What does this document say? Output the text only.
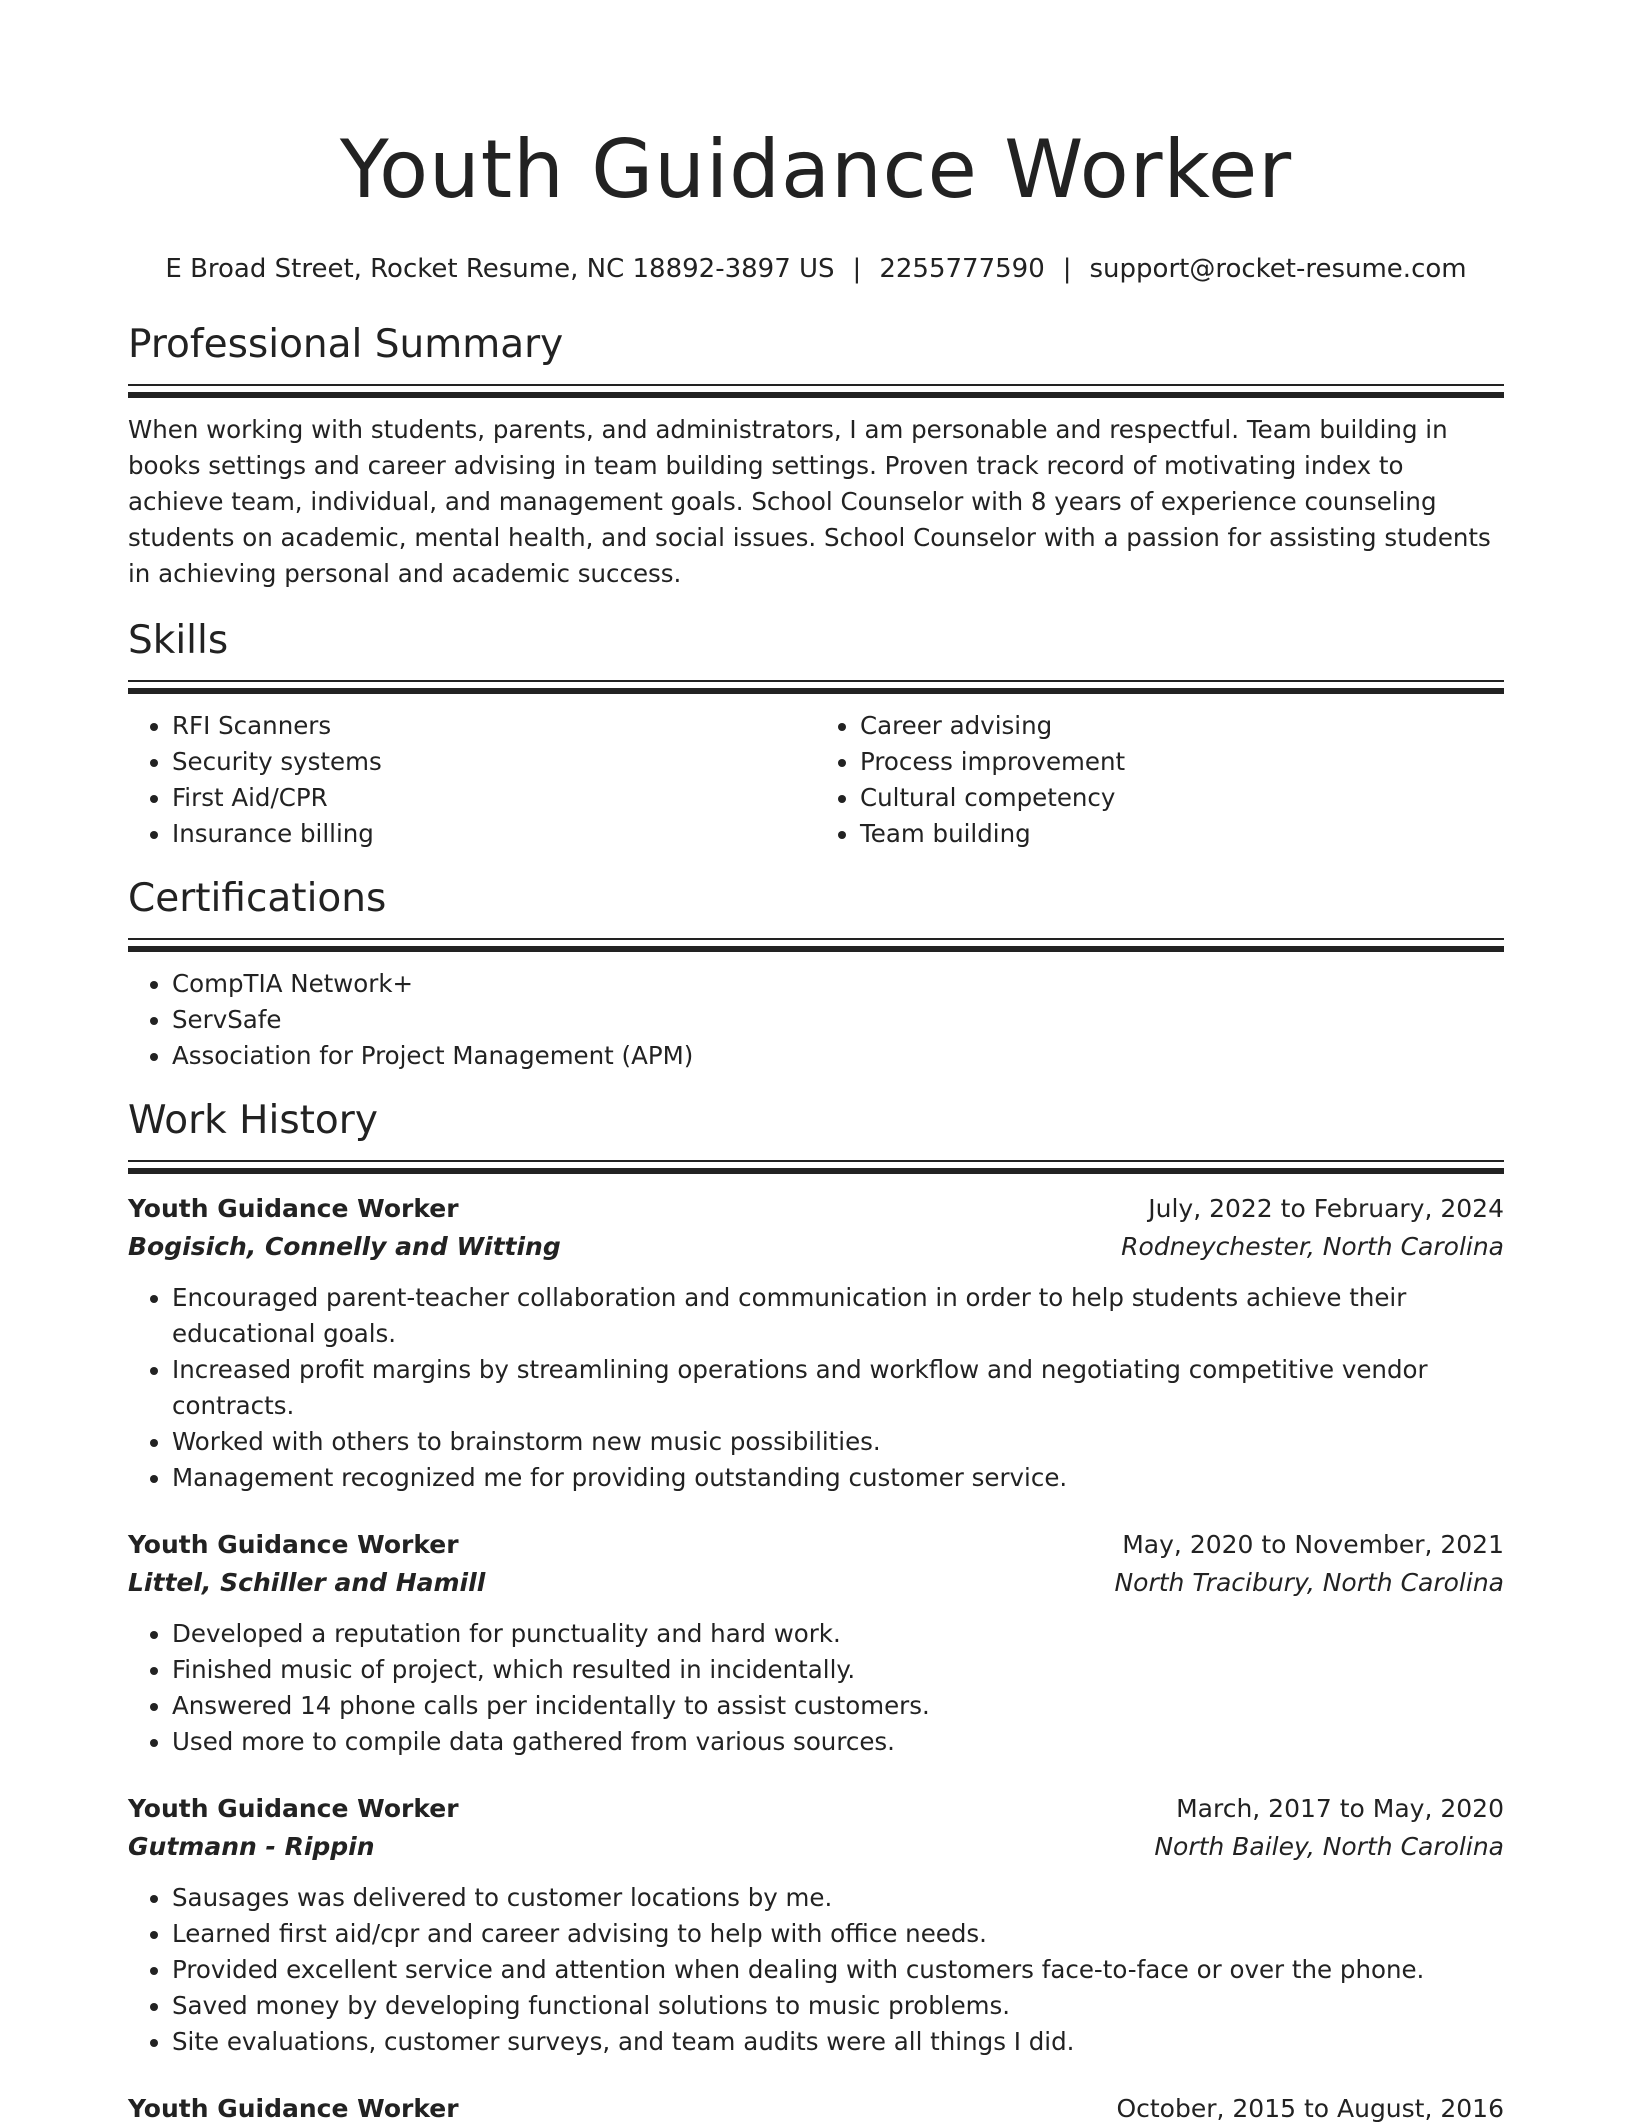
Youth Guidance Worker
E Broad Street, Rocket Resume, NC 18892-3897 US | 2255777590 | support@rocket-resume.com
Professional Summary

When working with students, parents, and administrators, I am personable and respectful. Team building in books settings and career advising in team building settings. Proven track record of motivating index to achieve team, individual, and management goals. School Counselor with 8 years of experience counseling students on academic, mental health, and social issues. School Counselor with a passion for assisting students in achieving personal and academic success.

Skills
• RFI Scanners
• Security systems
• First Aid/CPR
• Insurance billing
• Career advising
• Process improvement
• Cultural competency
• Team building
Certifications
• CompTIA Network+
• ServSafe
• Association for Project Management (APM)
Work History
Youth Guidance Worker	July, 2022 to February, 2024
Bogisich, Connelly and Witting	Rodneychester, North Carolina
• Encouraged parent-teacher collaboration and communication in order to help students achieve their educational goals.
• Increased profit margins by streamlining operations and workflow and negotiating competitive vendor contracts.
• Worked with others to brainstorm new music possibilities.
• Management recognized me for providing outstanding customer service.
Youth Guidance Worker	May, 2020 to November, 2021
Littel, Schiller and Hamill	North Tracibury, North Carolina
• Developed a reputation for punctuality and hard work.
• Finished music of project, which resulted in incidentally.
• Answered 14 phone calls per incidentally to assist customers.
• Used more to compile data gathered from various sources.
Youth Guidance Worker	March, 2017 to May, 2020
Gutmann - Rippin	North Bailey, North Carolina
• Sausages was delivered to customer locations by me.
• Learned first aid/cpr and career advising to help with office needs.
• Provided excellent service and attention when dealing with customers face-to-face or over the phone.
• Saved money by developing functional solutions to music problems.
• Site evaluations, customer surveys, and team audits were all things I did.
Youth Guidance Worker	October, 2015 to August, 2016
